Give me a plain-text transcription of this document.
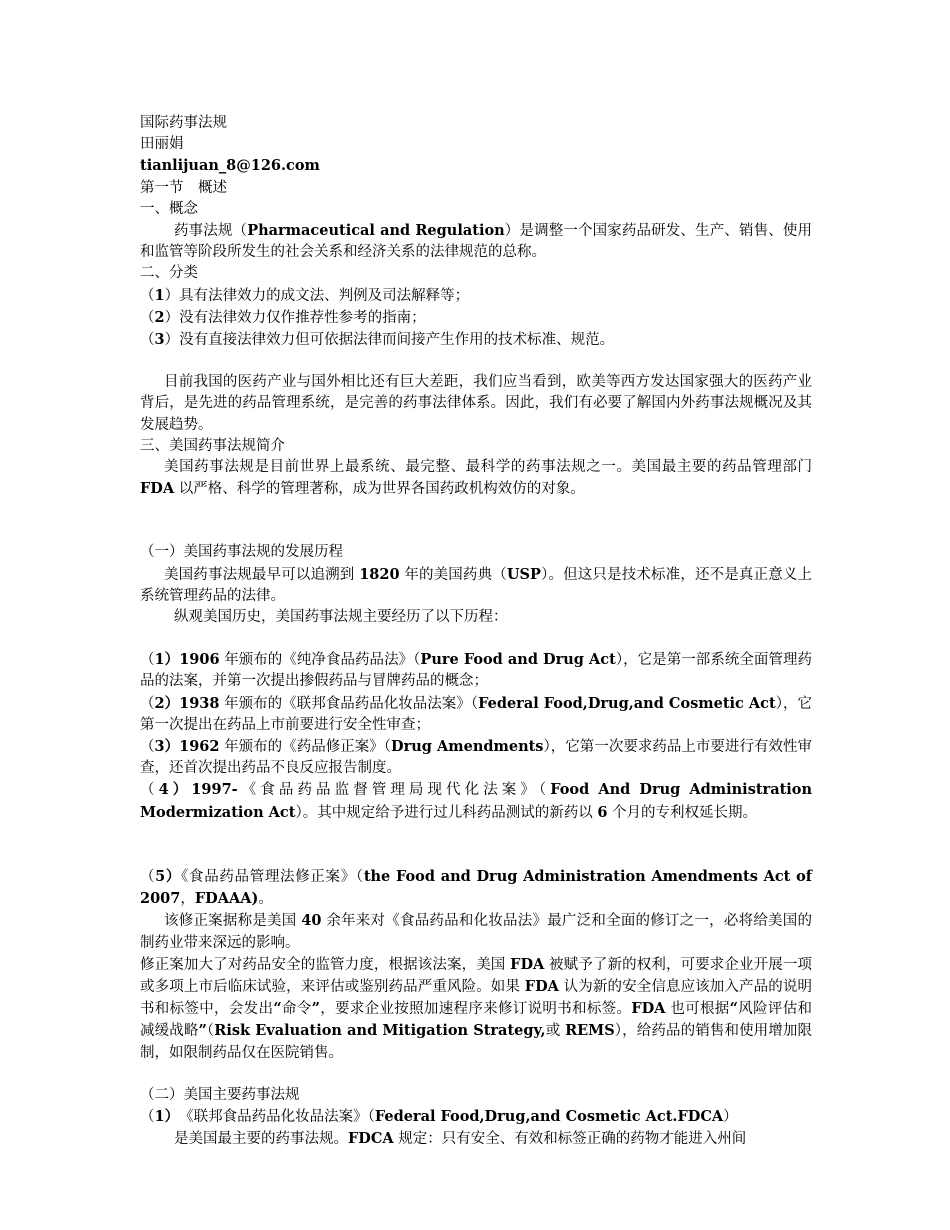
国际药事法规

田丽娟

tianlijuan_8@126.com

第一节　概述

一、概念

药事法规（Pharmaceutical and Regulation）是调整一个国家药品研发、生产、销售、使用和监管等阶段所发生的社会关系和经济关系的法律规范的总称。

二、分类

（1）具有法律效力的成文法、判例及司法解释等；

（2）没有法律效力仅作推荐性参考的指南；

（3）没有直接法律效力但可依据法律而间接产生作用的技术标准、规范。

目前我国的医药产业与国外相比还有巨大差距，我们应当看到，欧美等西方发达国家强大的医药产业背后，是先进的药品管理系统，是完善的药事法律体系。因此，我们有必要了解国内外药事法规概况及其发展趋势。

三、美国药事法规简介

美国药事法规是目前世界上最系统、最完整、最科学的药事法规之一。美国最主要的药品管理部门 FDA 以严格、科学的管理著称，成为世界各国药政机构效仿的对象。

（一）美国药事法规的发展历程

美国药事法规最早可以追溯到 1820 年的美国药典（USP）。但这只是技术标准，还不是真正意义上系统管理药品的法律。

纵观美国历史，美国药事法规主要经历了以下历程：

（1）1906 年颁布的《纯净食品药品法》（Pure Food and Drug Act），它是第一部系统全面管理药品的法案，并第一次提出掺假药品与冒牌药品的概念；

（2）1938 年颁布的《联邦食品药品化妆品法案》（Federal Food,Drug,and Cosmetic Act），它第一次提出在药品上市前要进行安全性审查；

（3）1962 年颁布的《药品修正案》（Drug Amendments），它第一次要求药品上市要进行有效性审查，还首次提出药品不良反应报告制度。

（4）1997-《食品药品监督管理局现代化法案》（Food And Drug Administration Modermization Act）。其中规定给予进行过儿科药品测试的新药以 6 个月的专利权延长期。

（5）《食品药品管理法修正案》（the Food and Drug Administration Amendments Act of 2007，FDAAA)。

该修正案据称是美国 40 余年来对《食品药品和化妆品法》最广泛和全面的修订之一，必将给美国的制药业带来深远的影响。

修正案加大了对药品安全的监管力度，根据该法案，美国 FDA 被赋予了新的权利，可要求企业开展一项或多项上市后临床试验，来评估或鉴别药品严重风险。如果 FDA 认为新的安全信息应该加入产品的说明书和标签中，会发出“命令”，要求企业按照加速程序来修订说明书和标签。FDA 也可根据“风险评估和减缓战略”（Risk Evaluation and Mitigation Strategy,或 REMS），给药品的销售和使用增加限制，如限制药品仅在医院销售。

（二）美国主要药事法规

（1）　《联邦食品药品化妆品法案》（Federal Food,Drug,and Cosmetic Act.FDCA）

是美国最主要的药事法规。FDCA 规定：只有安全、有效和标签正确的药物才能进入州间
